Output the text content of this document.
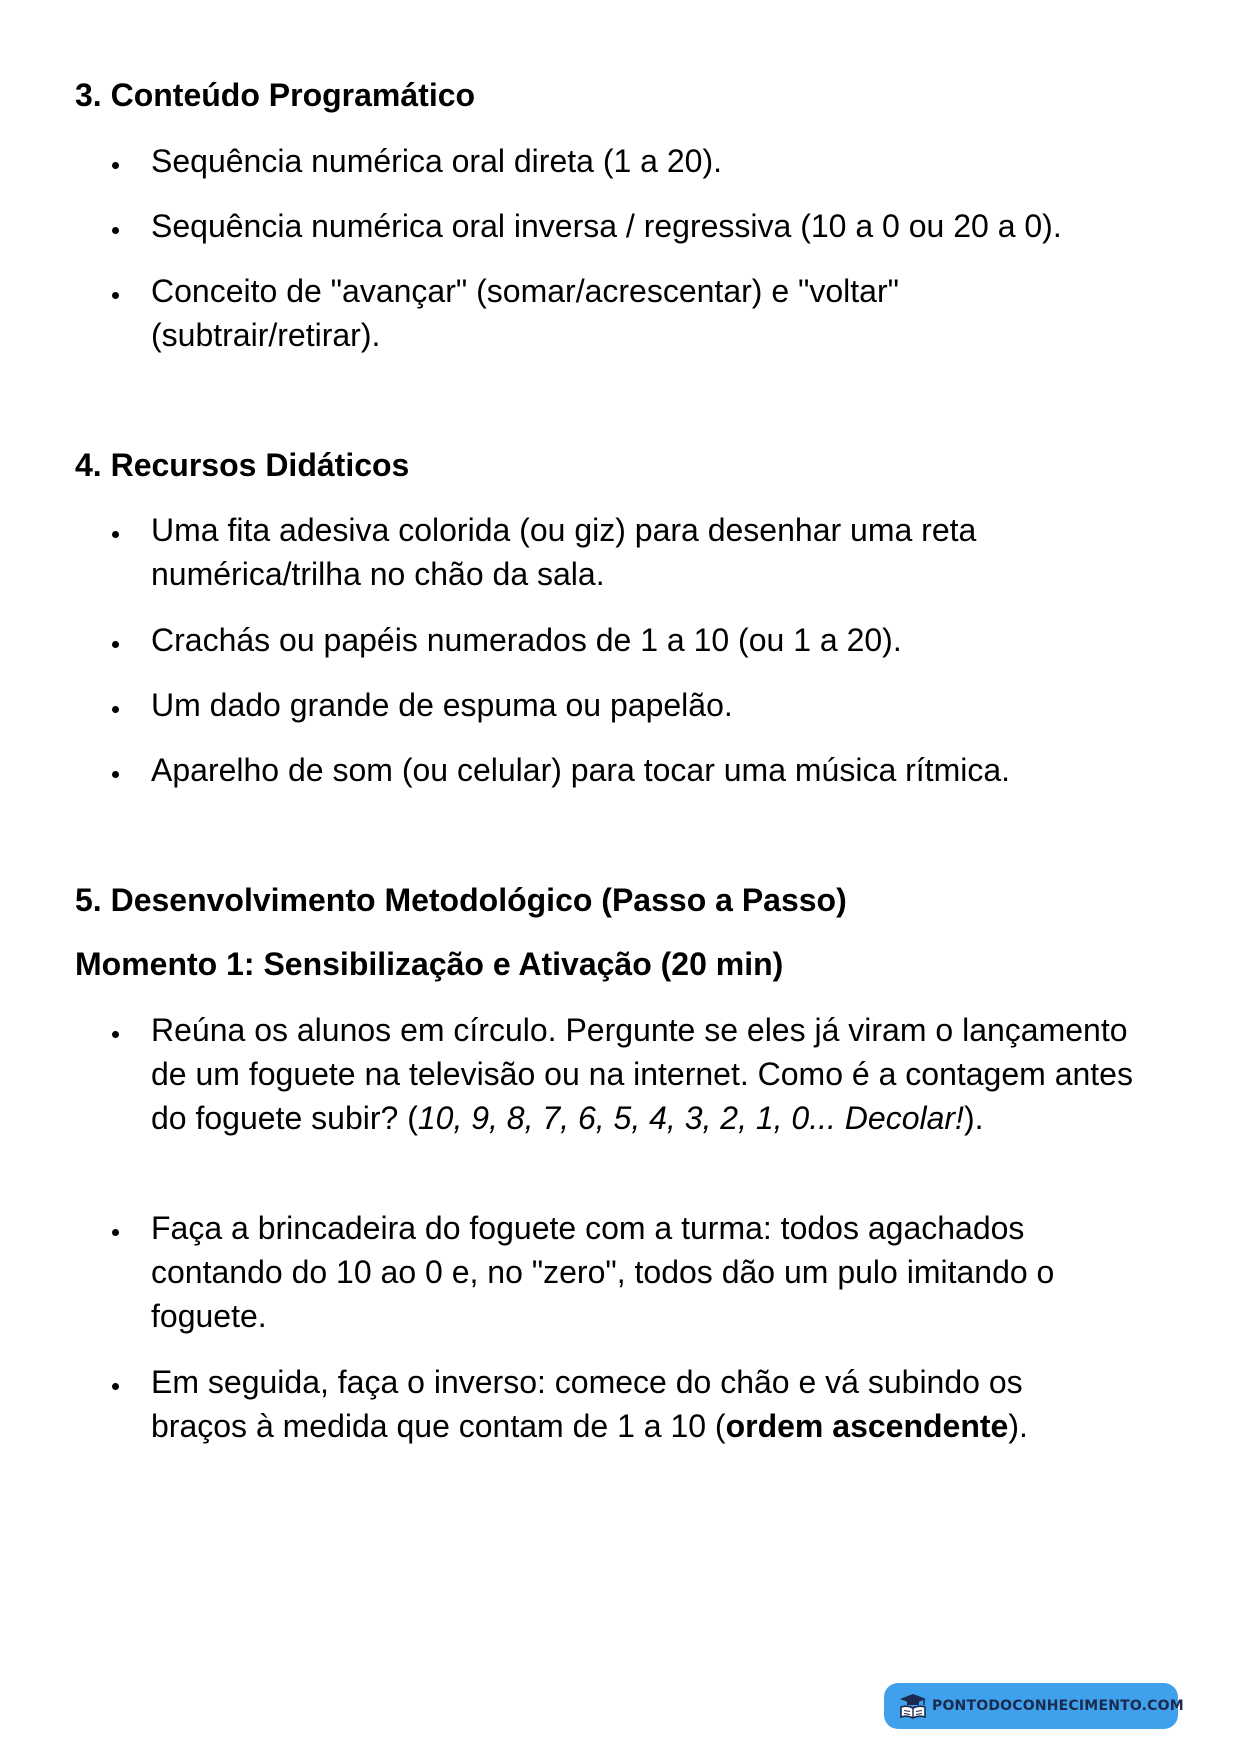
3. Conteúdo Programático
Sequência numérica oral direta (1 a 20).
Sequência numérica oral inversa / regressiva (10 a 0 ou 20 a 0).
Conceito de "avançar" (somar/acrescentar) e "voltar" (subtrair/retirar).
4. Recursos Didáticos
Uma fita adesiva colorida (ou giz) para desenhar uma reta numérica/trilha no chão da sala.
Crachás ou papéis numerados de 1 a 10 (ou 1 a 20).
Um dado grande de espuma ou papelão.
Aparelho de som (ou celular) para tocar uma música rítmica.
5. Desenvolvimento Metodológico (Passo a Passo)
Momento 1: Sensibilização e Ativação (20 min)
Reúna os alunos em círculo. Pergunte se eles já viram o lançamento de um foguete na televisão ou na internet. Como é a contagem antes do foguete subir? (10, 9, 8, 7, 6, 5, 4, 3, 2, 1, 0... Decolar!).
Faça a brincadeira do foguete com a turma: todos agachados contando do 10 ao 0 e, no "zero", todos dão um pulo imitando o foguete.
Em seguida, faça o inverso: comece do chão e vá subindo os braços à medida que contam de 1 a 10 (ordem ascendente).
PONTODOCONHECIMENTO.COM
